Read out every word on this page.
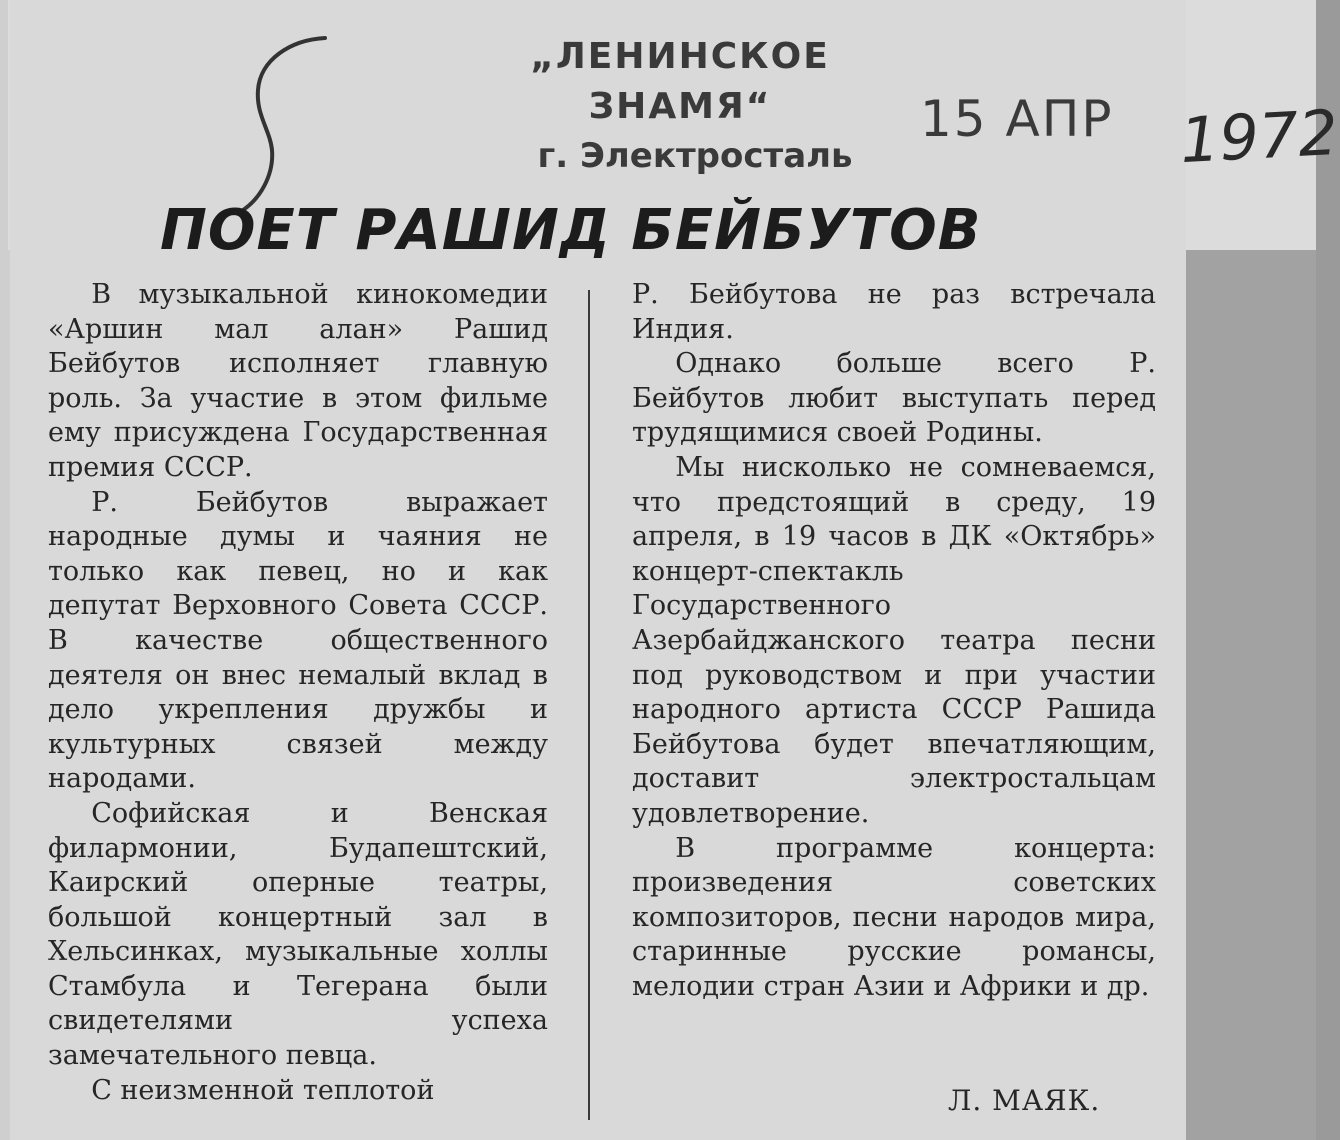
„ЛЕНИНСКОЕ ЗНАМЯ“
г. Электросталь
15 АПР 1972
ПОЕТ РАШИД БЕЙБУТОВ

В музыкальной кинокомедии «Аршин мал алан» Рашид Бейбутов исполняет главную роль. За участие в этом фильме ему присуждена Государственная премия СССР.

Р. Бейбутов выражает народные думы и чаяния не только как певец, но и как депутат Верховного Совета СССР. В качестве общественного деятеля он внес немалый вклад в дело укрепления дружбы и культурных связей между народами.

Софийская и Венская филармонии, Будапештский, Каирский оперные театры, большой концертный зал в Хельсинках, музыкальные холлы Стамбула и Тегерана были свидетелями успеха замечательного певца.

С неизменной теплотой

Р. Бейбутова не раз встречала Индия.

Однако больше всего Р. Бейбутов любит выступать перед трудящимися своей Родины.

Мы нисколько не сомневаемся, что предстоящий в среду, 19 апреля, в 19 часов в ДК «Октябрь» концерт-спектакль Государственного Азербайджанского театра песни под руководством и при участии народного артиста СССР Рашида Бейбутова будет впечатляющим, доставит электростальцам удовлетворение.

В программе концерта: произведения советских композиторов, песни народов мира, старинные русские романсы, мелодии стран Азии и Африки и др.

Л. МАЯК.
